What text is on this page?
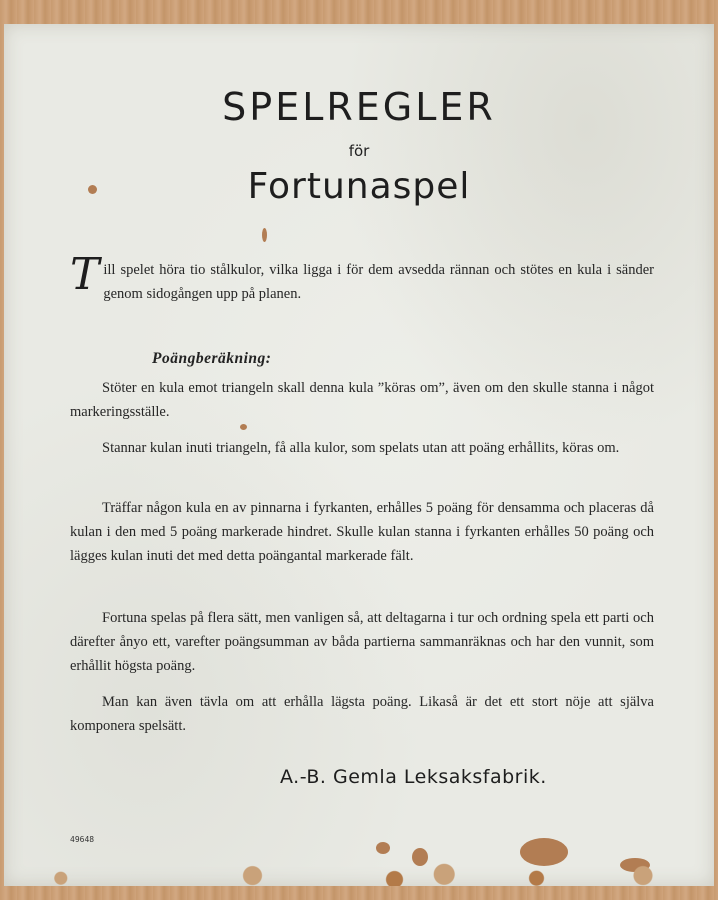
SPELREGLER
för
Fortunaspel
Till spelet höra tio stålkulor, vilka ligga i för dem avsedda rännan och stötes en kula i sänder genom sidogången upp på planen.
Poängberäkning:
Stöter en kula emot triangeln skall denna kula ”köras om”, även om den skulle stanna i något markeringsställe.
Stannar kulan inuti triangeln, få alla kulor, som spelats utan att poäng erhållits, köras om.
Träffar någon kula en av pinnarna i fyrkanten, erhålles 5 poäng för densamma och placeras då kulan i den med 5 poäng markerade hindret. Skulle kulan stanna i fyrkanten erhålles 50 poäng och lägges kulan inuti det med detta poängantal markerade fält.
Fortuna spelas på flera sätt, men vanligen så, att deltagarna i tur och ordning spela ett parti och därefter ånyo ett, varefter poängsumman av båda partierna sammanräknas och har den vunnit, som erhållit högsta poäng.
Man kan även tävla om att erhålla lägsta poäng. Likaså är det ett stort nöje att själva komponera spelsätt.
A.-B. Gemla Leksaksfabrik.
49648
